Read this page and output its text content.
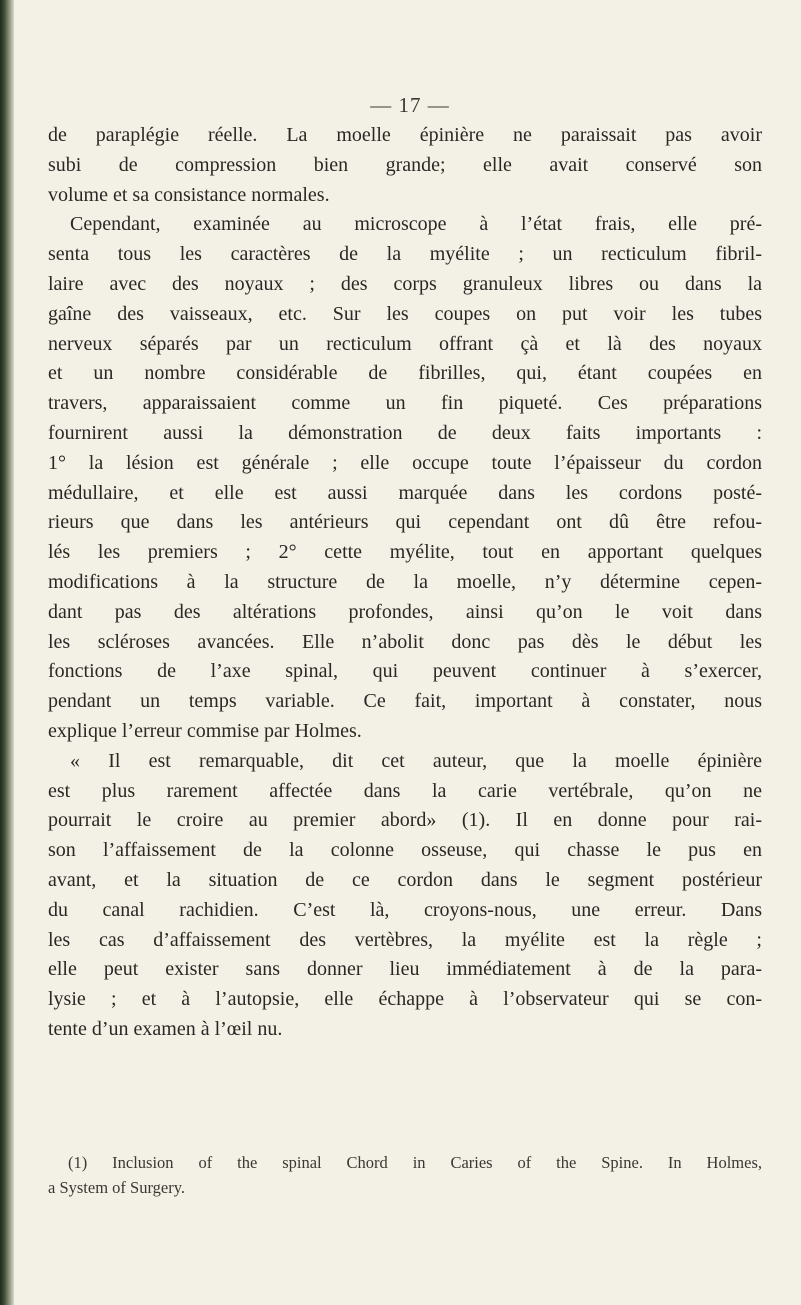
— 17 —

de paraplégie réelle. La moelle épinière ne paraissait pas avoir
subi de compression bien grande; elle avait conservé son
volume et sa consistance normales.

Cependant, examinée au microscope à l’état frais, elle pré-
senta tous les caractères de la myélite ; un recticulum fibril-
laire avec des noyaux ; des corps granuleux libres ou dans la
gaîne des vaisseaux, etc. Sur les coupes on put voir les tubes
nerveux séparés par un recticulum offrant çà et là des noyaux
et un nombre considérable de fibrilles, qui, étant coupées en
travers, apparaissaient comme un fin piqueté. Ces préparations
fournirent aussi la démonstration de deux faits importants :
1° la lésion est générale ; elle occupe toute l’épaisseur du cordon
médullaire, et elle est aussi marquée dans les cordons posté-
rieurs que dans les antérieurs qui cependant ont dû être refou-
lés les premiers ; 2° cette myélite, tout en apportant quelques
modifications à la structure de la moelle, n’y détermine cepen-
dant pas des altérations profondes, ainsi qu’on le voit dans
les scléroses avancées. Elle n’abolit donc pas dès le début les
fonctions de l’axe spinal, qui peuvent continuer à s’exercer,
pendant un temps variable. Ce fait, important à constater, nous
explique l’erreur commise par Holmes.

« Il est remarquable, dit cet auteur, que la moelle épinière
est plus rarement affectée dans la carie vertébrale, qu’on ne
pourrait le croire au premier abord» (1). Il en donne pour rai-
son l’affaissement de la colonne osseuse, qui chasse le pus en
avant, et la situation de ce cordon dans le segment postérieur
du canal rachidien. C’est là, croyons-nous, une erreur. Dans
les cas d’affaissement des vertèbres, la myélite est la règle ;
elle peut exister sans donner lieu immédiatement à de la para-
lysie ; et à l’autopsie, elle échappe à l’observateur qui se con-
tente d’un examen à l’œil nu.

(1) Inclusion of the spinal Chord in Caries of the Spine. In Holmes,
a System of Surgery.
